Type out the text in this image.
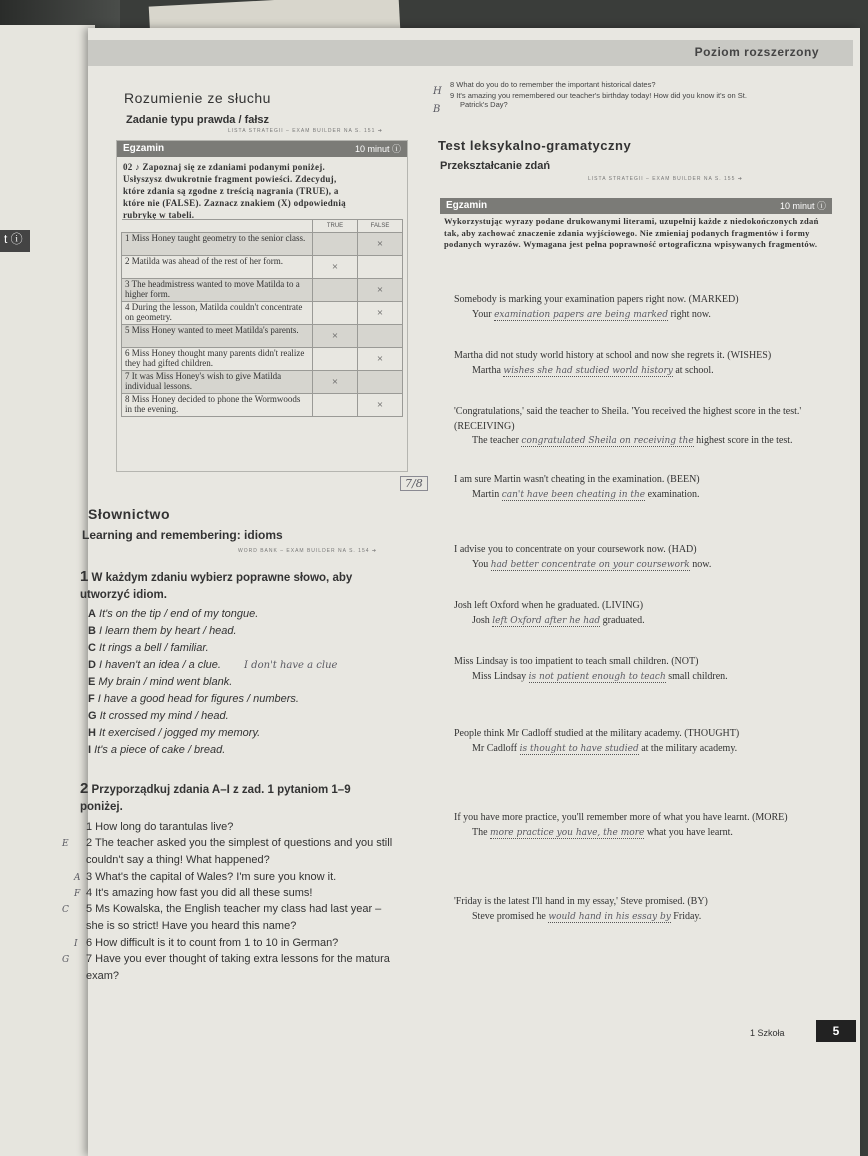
t ⓘ
Poziom rozszerzony
Rozumienie ze słuchu
Zadanie typu prawda / fałsz
LISTA STRATEGII – EXAM BUILDER NA S. 151 ➔
Egzamin	10 minut ⓘ
02 ♪ Zapoznaj się ze zdaniami podanymi poniżej. Usłyszysz dwukrotnie fragment powieści. Zdecyduj, które zdania są zgodne z treścią nagrania (TRUE), a które nie (FALSE). Zaznacz znakiem (X) odpowiednią rubrykę w tabeli.
	TRUE	FALSE
1 Miss Honey taught geometry to the senior class.		×
2 Matilda was ahead of the rest of her form.	×	
3 The headmistress wanted to move Matilda to a higher form.		×
4 During the lesson, Matilda couldn't concentrate on geometry.		×
5 Miss Honey wanted to meet Matilda's parents.	×	
6 Miss Honey thought many parents didn't realize they had gifted children.		×
7 It was Miss Honey's wish to give Matilda individual lessons.	×	
8 Miss Honey decided to phone the Wormwoods in the evening.		×
7/8
Słownictwo
Learning and remembering: idioms
WORD BANK – EXAM BUILDER NA S. 154 ➔
1 W każdym zdaniu wybierz poprawne słowo, aby utworzyć idiom.
A It's on the tip / end of my tongue.
B I learn them by heart / head.
C It rings a bell / familiar.
D I haven't an idea / a clue. I don't have a clue
E My brain / mind went blank.
F I have a good head for figures / numbers.
G It crossed my mind / head.
H It exercised / jogged my memory.
I It's a piece of cake / bread.
2 Przyporządkuj zdania A–I z zad. 1 pytaniom 1–9 poniżej.
1 How long do tarantulas live?
E 2 The teacher asked you the simplest of questions and you still couldn't say a thing! What happened?
A 3 What's the capital of Wales? I'm sure you know it.
F 4 It's amazing how fast you did all these sums!
C 5 Ms Kowalska, the English teacher my class had last year – she is so strict! Have you heard this name?
I 6 How difficult is it to count from 1 to 10 in German?
G 7 Have you ever thought of taking extra lessons for the matura exam?
8 What do you do to remember the important historical dates?
9 It's amazing you remembered our teacher's birthday today! How did you know it's on St. Patrick's Day?
H
B
Test leksykalno-gramatyczny
Przekształcanie zdań
LISTA STRATEGII – EXAM BUILDER NA S. 155 ➔
Egzamin	10 minut ⓘ
Wykorzystując wyrazy podane drukowanymi literami, uzupełnij każde z niedokończonych zdań tak, aby zachować znaczenie zdania wyjściowego. Nie zmieniaj podanych fragmentów i formy podanych wyrazów. Wymagana jest pełna poprawność ortograficzna wpisywanych fragmentów.
Somebody is marking your examination papers right now. (MARKED)
Your examination papers are being marked right now.
Martha did not study world history at school and now she regrets it. (WISHES)
Martha wishes she had studied world history at school.
'Congratulations,' said the teacher to Sheila. 'You received the highest score in the test.' (RECEIVING)
The teacher congratulated Sheila on receiving the highest score in the test.
I am sure Martin wasn't cheating in the examination. (BEEN)
Martin can't have been cheating in the examination.
I advise you to concentrate on your coursework now. (HAD)
You had better concentrate on your coursework now.
Josh left Oxford when he graduated. (LIVING)
Josh left Oxford after he had graduated.
Miss Lindsay is too impatient to teach small children. (NOT)
Miss Lindsay is not patient enough to teach small children.
People think Mr Cadloff studied at the military academy. (THOUGHT)
Mr Cadloff is thought to have studied at the military academy.
If you have more practice, you'll remember more of what you have learnt. (MORE)
The more practice you have, the more what you have learnt.
'Friday is the latest I'll hand in my essay,' Steve promised. (BY)
Steve promised he would hand in his essay by Friday.
1 Szkoła	5
